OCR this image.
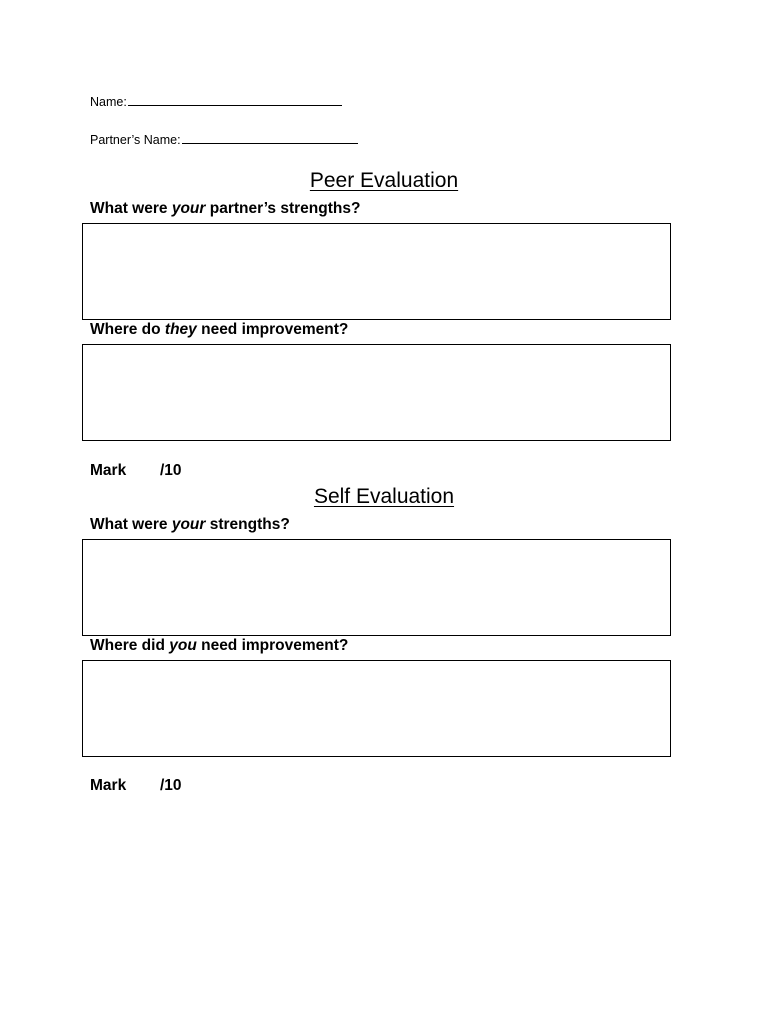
Name:
Partner’s Name:
Peer Evaluation
What were your partner’s strengths?
Where do they need improvement?
Mark /10
Self Evaluation
What were your strengths?
Where did you need improvement?
Mark /10
